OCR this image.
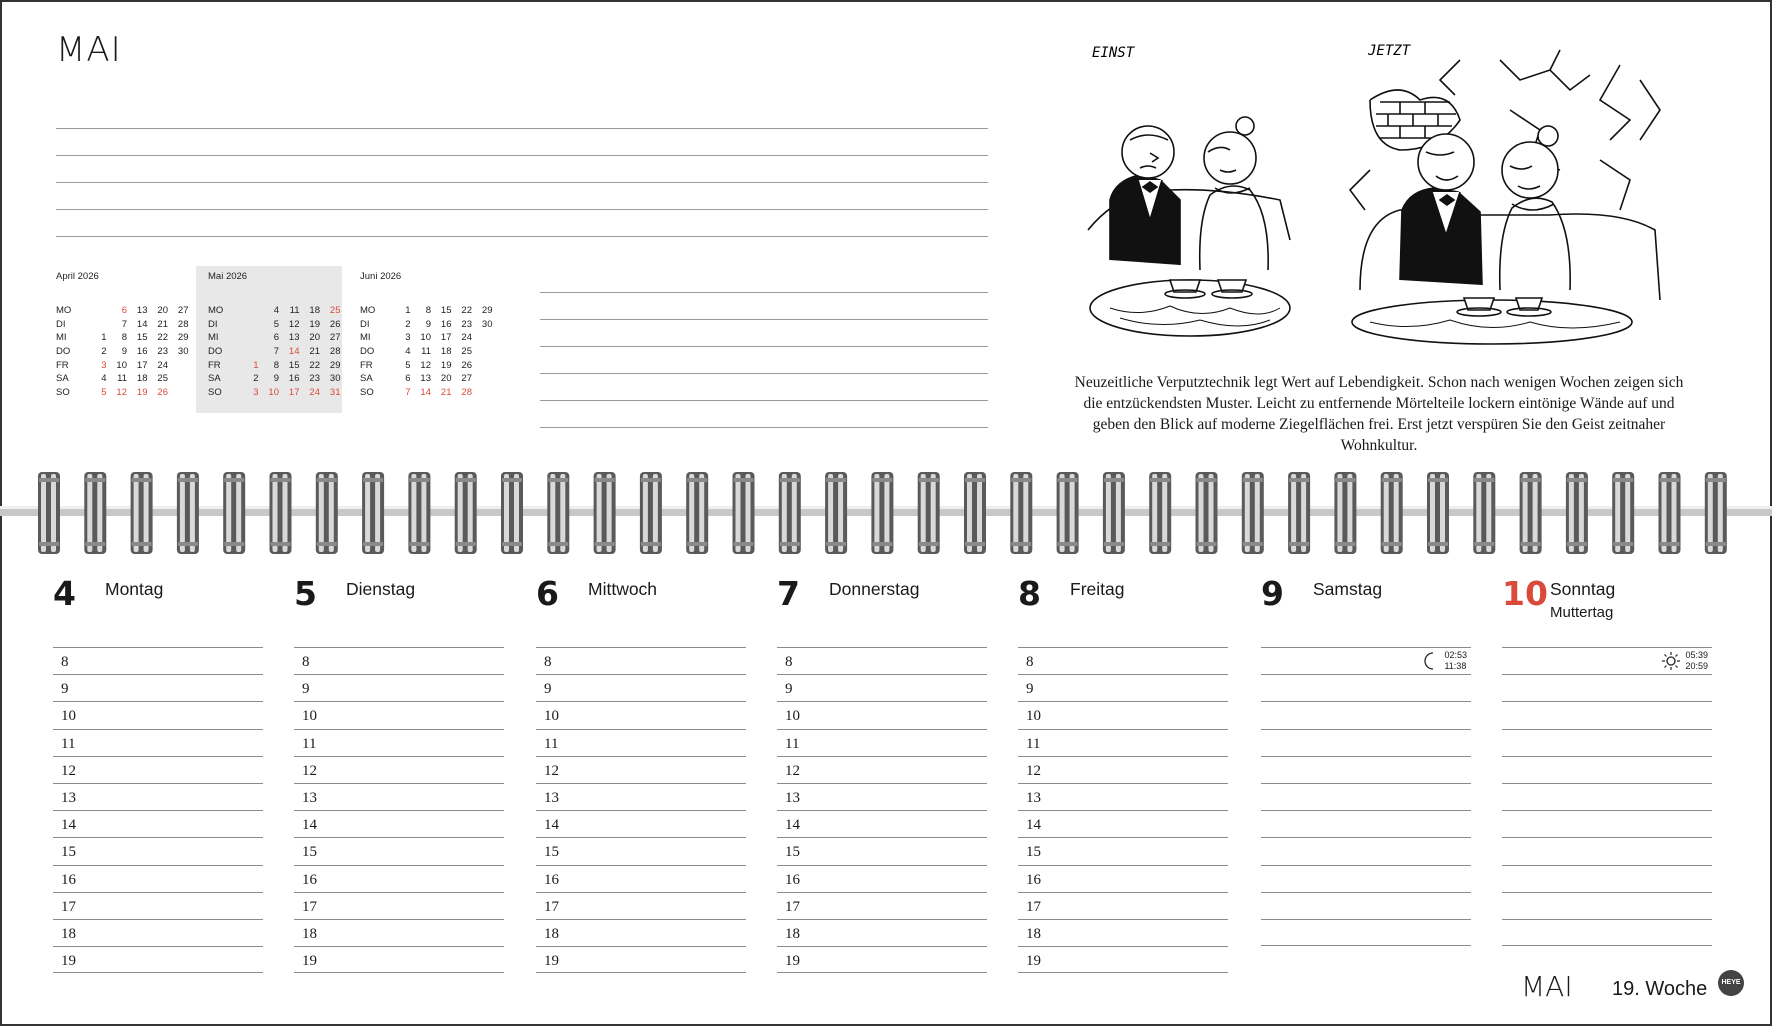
MAI
April 2026
MO		6	13	20	27
DI		7	14	21	28
MI	1	8	15	22	29
DO	2	9	16	23	30
FR	3	10	17	24	
SA	4	11	18	25	
SO	5	12	19	26	
Mai 2026
MO		4	11	18	25
DI		5	12	19	26
MI		6	13	20	27
DO		7	14	21	28
FR	1	8	15	22	29
SA	2	9	16	23	30
SO	3	10	17	24	31
Juni 2026
MO	1	8	15	22	29
DI	2	9	16	23	30
MI	3	10	17	24	
DO	4	11	18	25	
FR	5	12	19	26	
SA	6	13	20	27	
SO	7	14	21	28	
EINST	JETZT
Neuzeitliche Verputztechnik legt Wert auf Lebendigkeit. Schon nach wenigen Wochen zeigen sich die entzückendsten Muster. Leicht zu entfernende Mörtelteile lockern eintönige Wände auf und geben den Blick auf moderne Ziegelflächen frei. Erst jetzt verspüren Sie den Geist zeitnaher Wohnkultur.
4 Montag
8
9
10
11
12
13
14
15
16
17
18
19
5 Dienstag
8
9
10
11
12
13
14
15
16
17
18
19
6 Mittwoch
8
9
10
11
12
13
14
15
16
17
18
19
7 Donnerstag
8
9
10
11
12
13
14
15
16
17
18
19
8 Freitag
8
9
10
11
12
13
14
15
16
17
18
19
9 Samstag
02:53
11:38
10 Sonntag
Muttertag
05:39
20:59
MAI 19. Woche	HEYE
